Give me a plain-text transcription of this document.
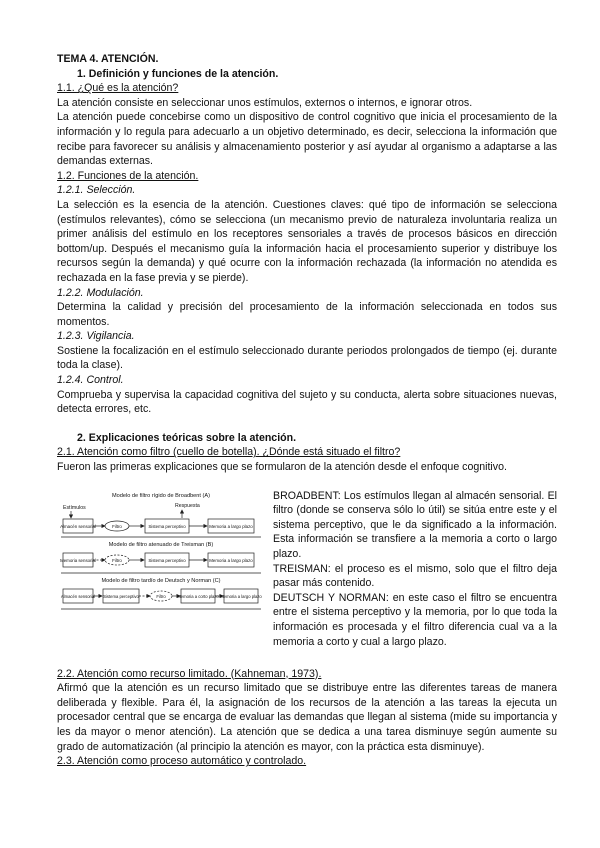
TEMA 4. ATENCIÓN.
1. Definición y funciones de la atención.
1.1. ¿Qué es la atención?

La atención consiste en seleccionar unos estímulos, externos o internos, e ignorar otros.

La atención puede concebirse como un dispositivo de control cognitivo que inicia el procesamiento de la información y lo regula para adecuarlo a un objetivo determinado, es decir, selecciona la información que recibe para favorecer su análisis y almacenamiento posterior y así ayudar al organismo a adaptarse a las demandas externas.

1.2. Funciones de la atención.
1.2.1. Selección.

La selección es la esencia de la atención. Cuestiones claves: qué tipo de información se selecciona (estímulos relevantes), cómo se selecciona (un mecanismo previo de naturaleza involuntaria realiza un primer análisis del estímulo en los receptores sensoriales a través de procesos básicos en dirección bottom/up. Después el mecanismo guía la información hacia el procesamiento superior y distribuye los recursos según la demanda) y qué ocurre con la información rechazada (la información no atendida es rechazada en la fase previa y se pierde).

1.2.2. Modulación.

Determina la calidad y precisión del procesamiento de la información seleccionada en todos sus momentos.

1.2.3. Vigilancia.

Sostiene la focalización en el estímulo seleccionado durante periodos prolongados de tiempo (ej. durante toda la clase).

1.2.4. Control.

Comprueba y supervisa la capacidad cognitiva del sujeto y su conducta, alerta sobre situaciones nuevas, detecta errores, etc.

2. Explicaciones teóricas sobre la atención.
2.1. Atención como filtro (cuello de botella). ¿Dónde está situado el filtro?

Fueron las primeras explicaciones que se formularon de la atención desde el enfoque cognitivo.

Modelo de filtro rígido de Broadbent (A)
Estímulos	Respuesta
Almacén sensorial	Filtro	Sistema perceptivo	Memoria a largo plazo
Modelo de filtro atenuado de Treisman (B)
Memoria sensorial	Filtro	Sistema perceptivo	Memoria a largo plazo
Modelo de filtro tardío de Deutsch y Norman (C)
Almacén sensorial Sistema perceptivo	Filtro	Memoria a corto plazo Memoria a largo plazo

BROADBENT: Los estímulos llegan al almacén sensorial. El filtro (donde se conserva sólo lo útil) se sitúa entre este y el sistema perceptivo, que le da significado a la información. Esta información se transfiere a la memoria a corto o largo plazo.

TREISMAN: el proceso es el mismo, solo que el filtro deja pasar más contenido.

DEUTSCH Y NORMAN: en este caso el filtro se encuentra entre el sistema perceptivo y la memoria, por lo que toda la información es procesada y el filtro diferencia cual va a la memoria a corto y cual a largo plazo.

2.2. Atención como recurso limitado. (Kahneman, 1973).

Afirmó que la atención es un recurso limitado que se distribuye entre las diferentes tareas de manera deliberada y flexible. Para él, la asignación de los recursos de la atención a las tareas la ejecuta un procesador central que se encarga de evaluar las demandas que llegan al sistema (mide su importancia y les da mayor o menor atención). La atención que se dedica a una tarea disminuye según aumente su grado de automatización (al principio la atención es mayor, con la práctica esta disminuye).

2.3. Atención como proceso automático y controlado.
